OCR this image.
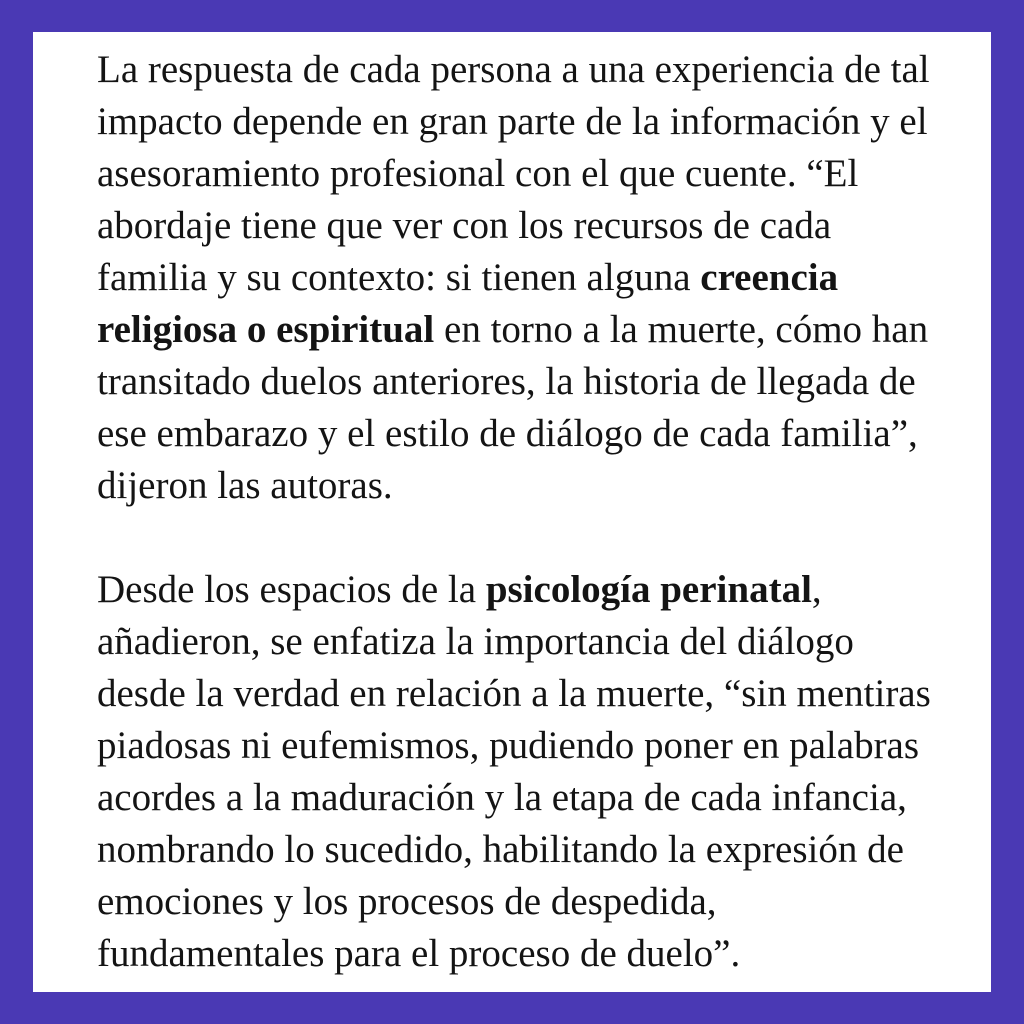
La respuesta de cada persona a una experiencia de tal impacto depende en gran parte de la información y el asesoramiento profesional con el que cuente. “El abordaje tiene que ver con los recursos de cada familia y su contexto: si tienen alguna creencia religiosa o espiritual en torno a la muerte, cómo han transitado duelos anteriores, la historia de llegada de ese embarazo y el estilo de diálogo de cada familia”, dijeron las autoras.

Desde los espacios de la psicología perinatal, añadieron, se enfatiza la importancia del diálogo desde la verdad en relación a la muerte, “sin mentiras piadosas ni eufemismos, pudiendo poner en palabras acordes a la maduración y la etapa de cada infancia, nombrando lo sucedido, habilitando la expresión de emociones y los procesos de despedida, fundamentales para el proceso de duelo”.
